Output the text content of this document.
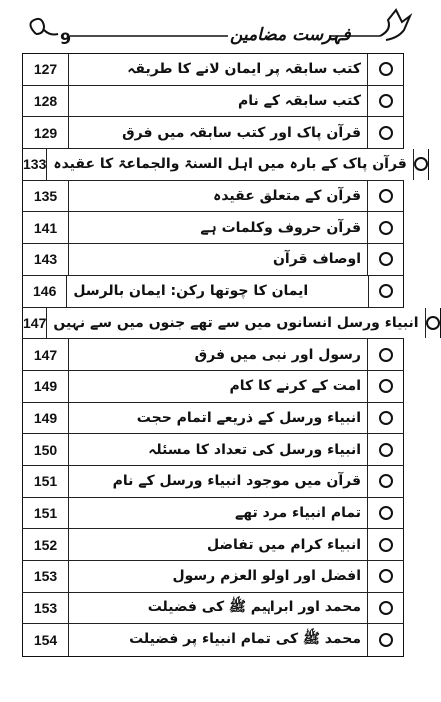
9	فہرست مضامین
127	کتب سابقہ پر ایمان لانے کا طریقہ
128	کتب سابقہ کے نام
129	قرآن پاک اور کتب سابقہ میں فرق
133 قرآن پاک کے بارہ میں اہل السنۃ والجماعۃ کا عقیدہ
135	قرآن کے متعلق عقیدہ
141	قرآن حروف وکلمات ہے
143	اوصاف قرآن
146	ایمان کا چوتھا رکن: ایمان بالرسل
147 انبیاء ورسل انسانوں میں سے تھے جنوں میں سے نہیں
147	رسول اور نبی میں فرق
149	امت کے کرنے کا کام
149	انبیاء ورسل کے ذریعے اتمام حجت
150	انبیاء ورسل کی تعداد کا مسئلہ
151	قرآن میں موجود انبیاء ورسل کے نام
151	تمام انبیاء مرد تھے
152	انبیاء کرام میں تفاضل
153	افضل اور اولو العزم رسول
153	محمد اور ابراہیم ﷺ کی فضیلت
154	محمد ﷺ کی تمام انبیاء پر فضیلت
